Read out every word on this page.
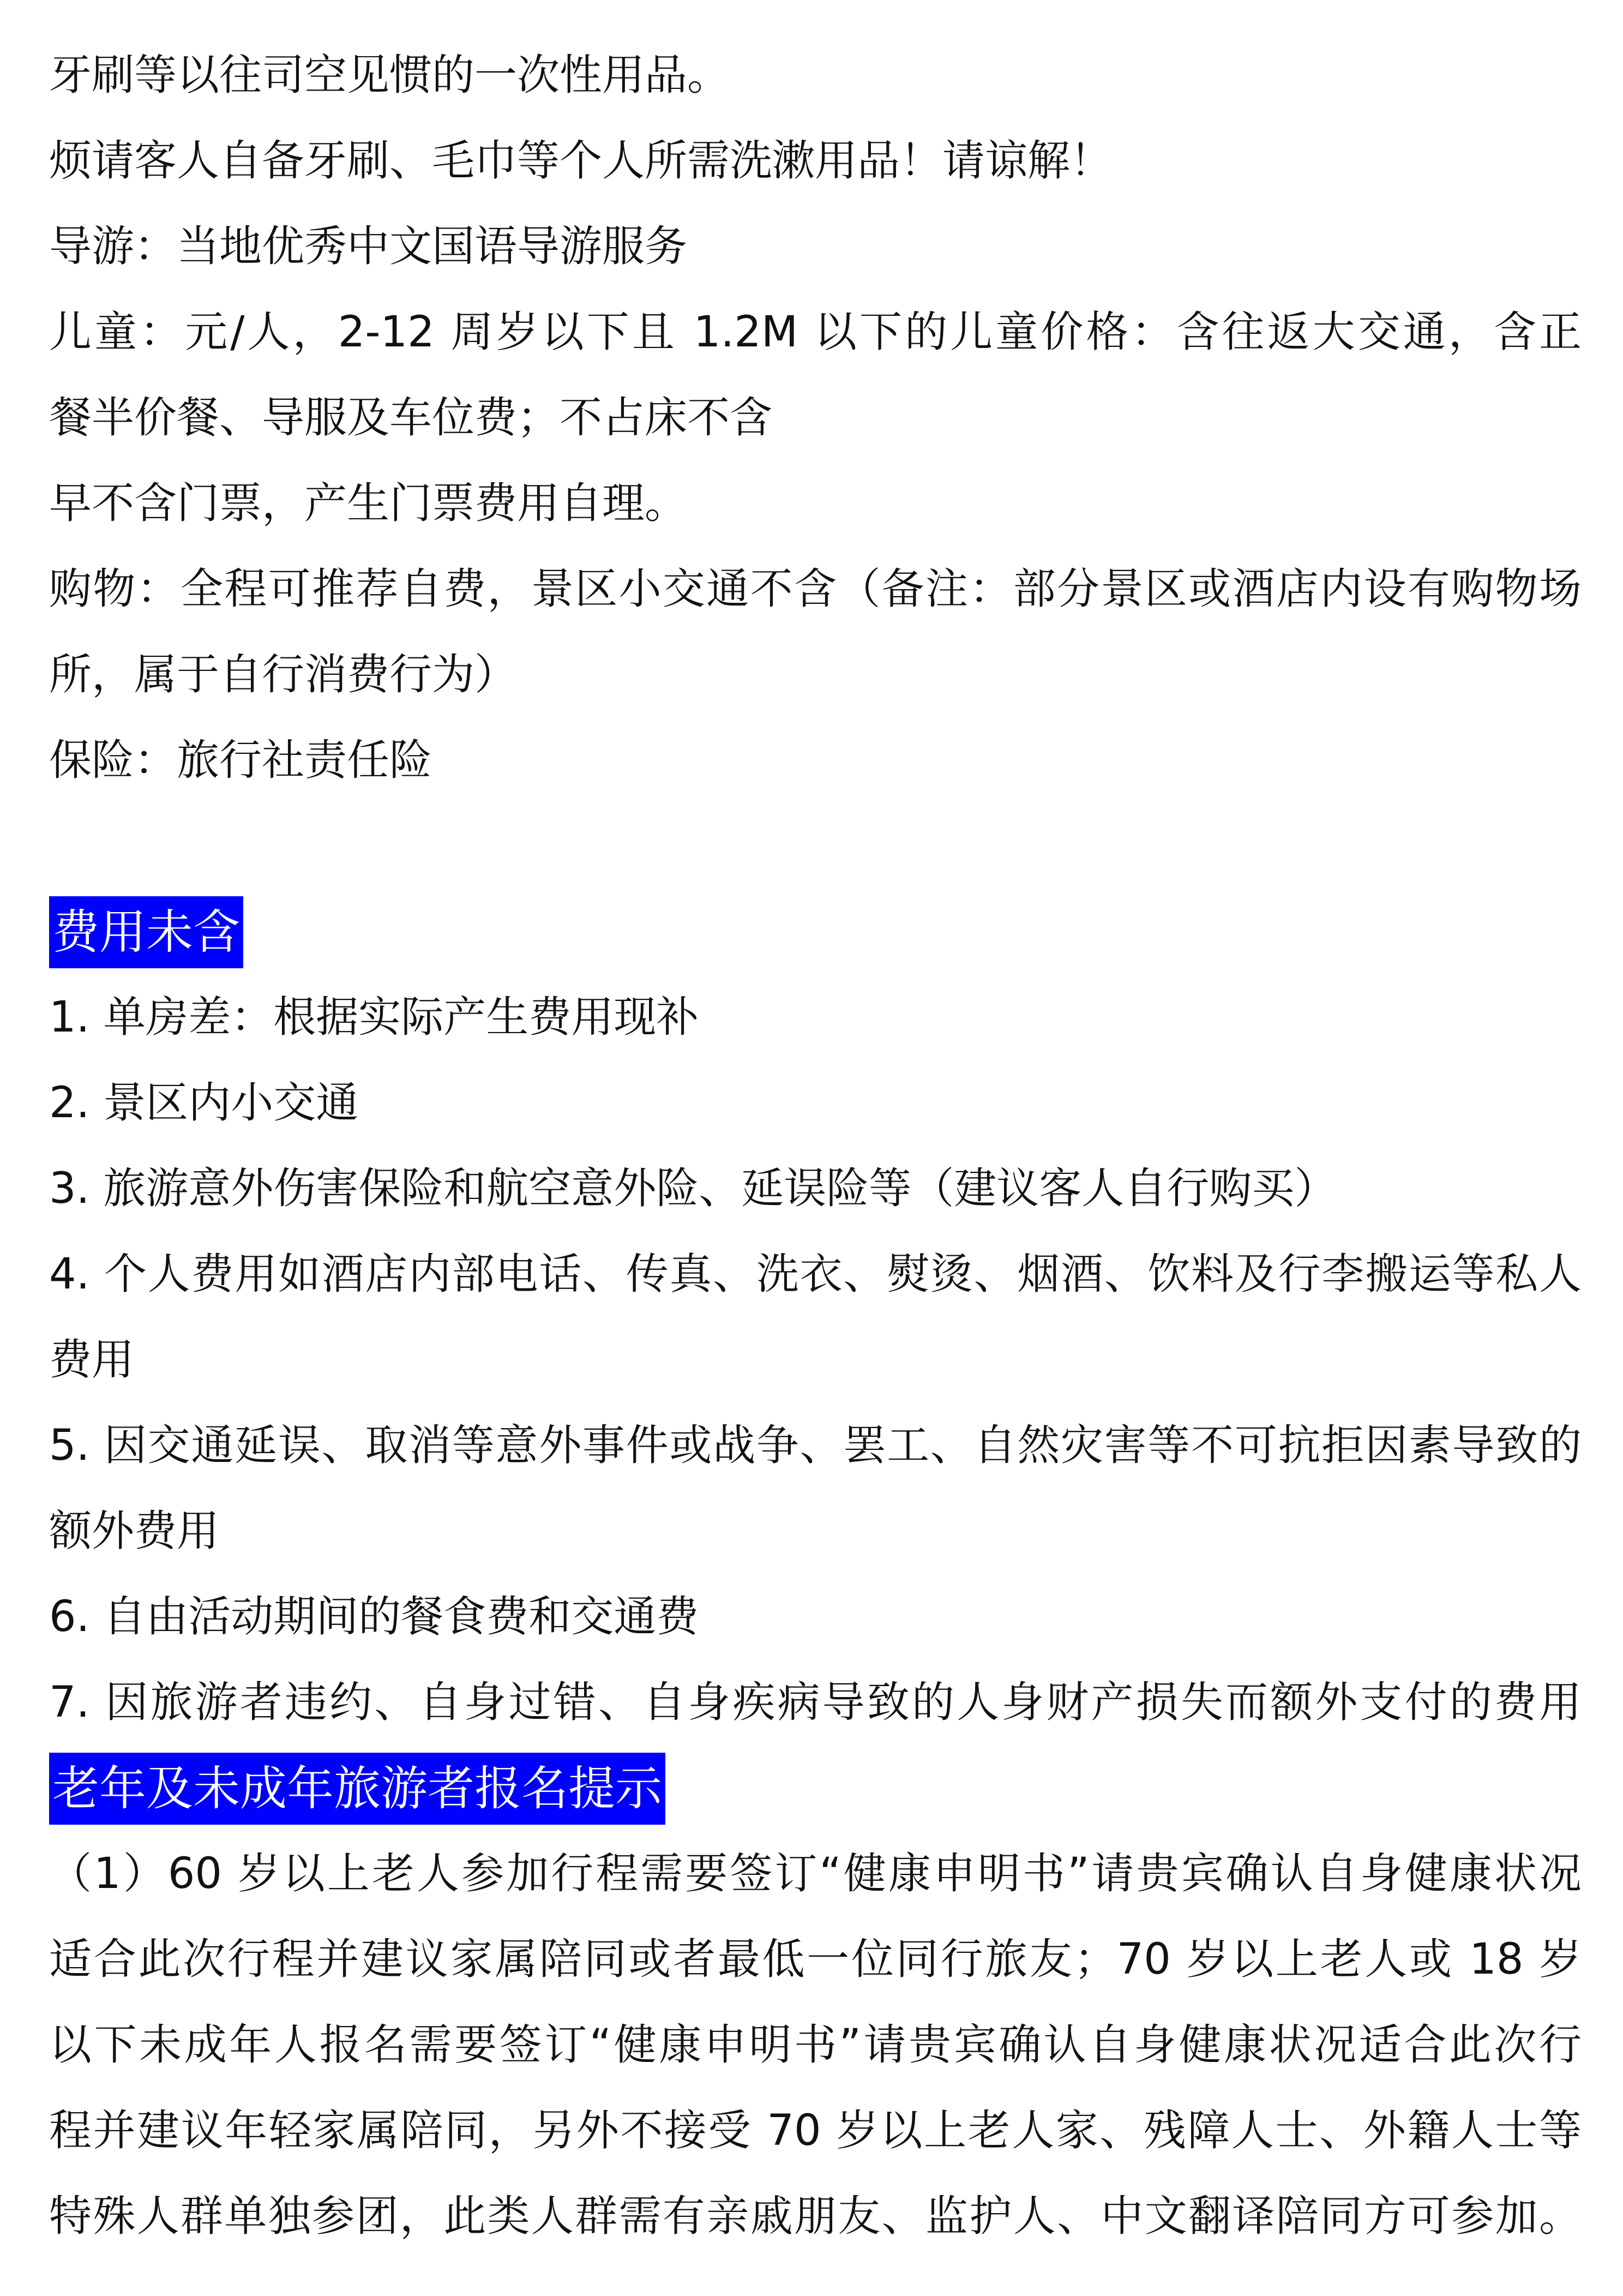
牙刷等以往司空见惯的一次性用品。
烦请客人自备牙刷、毛巾等个人所需洗漱用品！请谅解！
导游：当地优秀中文国语导游服务
儿童：元/人，2-12 周岁以下且 1.2M 以下的儿童价格：含往返大交通，含正
餐半价餐、导服及车位费；不占床不含
早不含门票，产生门票费用自理。
购物：全程可推荐自费，景区小交通不含（备注：部分景区或酒店内设有购物场
所，属于自行消费行为）
保险：旅行社责任险
费用未含
1. 单房差：根据实际产生费用现补
2. 景区内小交通
3. 旅游意外伤害保险和航空意外险、延误险等（建议客人自行购买）
4. 个人费用如酒店内部电话、传真、洗衣、熨烫、烟酒、饮料及行李搬运等私人
费用
5. 因交通延误、取消等意外事件或战争、罢工、自然灾害等不可抗拒因素导致的
额外费用
6. 自由活动期间的餐食费和交通费
7. 因旅游者违约、自身过错、自身疾病导致的人身财产损失而额外支付的费用
老年及未成年旅游者报名提示
（1）60 岁以上老人参加行程需要签订“健康申明书”请贵宾确认自身健康状况
适合此次行程并建议家属陪同或者最低一位同行旅友；70 岁以上老人或 18 岁
以下未成年人报名需要签订“健康申明书”请贵宾确认自身健康状况适合此次行
程并建议年轻家属陪同，另外不接受 70 岁以上老人家、残障人士、外籍人士等
特殊人群单独参团，此类人群需有亲戚朋友、监护人、中文翻译陪同方可参加。
